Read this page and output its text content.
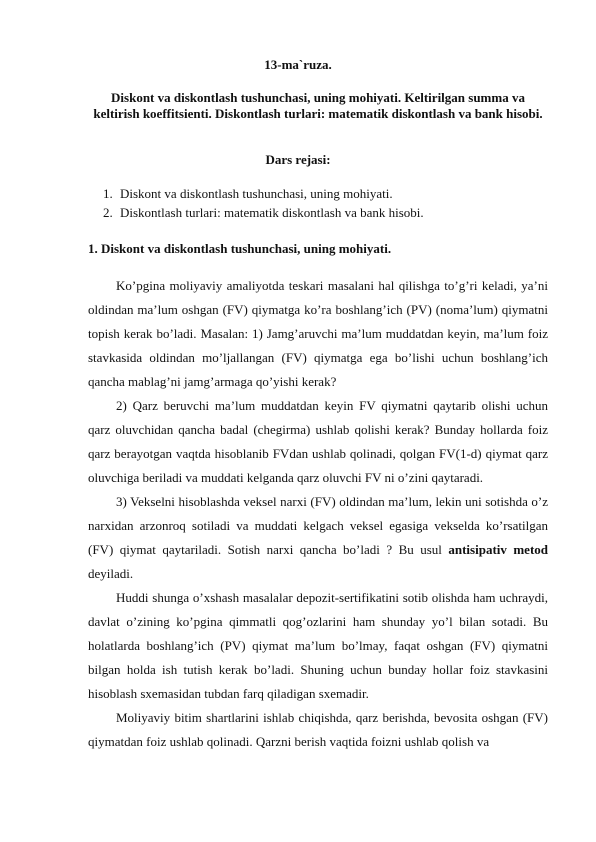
13-ma`ruza.
Diskont va diskontlash tushunchasi, uning mohiyati. Keltirilgan summa va keltirish koeffitsienti. Diskontlash turlari: matematik diskontlash va bank hisobi.
Dars rejasi:
1. Diskont va diskontlash tushunchasi, uning mohiyati.
2. Diskontlash turlari: matematik diskontlash va bank hisobi.
1. Diskont va diskontlash tushunchasi, uning mohiyati.

Ko’pgina moliyaviy amaliyotda teskari masalani hal qilishga to’g’ri keladi, ya’ni oldindan ma’lum oshgan (FV) qiymatga ko’ra boshlang’ich (PV) (noma’lum) qiymatni topish kerak bo’ladi. Masalan: 1) Jamg’aruvchi ma’lum muddatdan keyin, ma’lum foiz stavkasida oldindan mo’ljallangan (FV) qiymatga ega bo’lishi uchun boshlang’ich qancha mablag’ni jamg’armaga qo’yishi kerak?

2) Qarz beruvchi ma’lum muddatdan keyin FV qiymatni qaytarib olishi uchun qarz oluvchidan qancha badal (chegirma) ushlab qolishi kerak? Bunday hollarda foiz qarz berayotgan vaqtda hisoblanib FVdan ushlab qolinadi, qolgan FV(1-d) qiymat qarz oluvchiga beriladi va muddati kelganda qarz oluvchi FV ni o’zini qaytaradi.

3) Vekselni hisoblashda veksel narxi (FV) oldindan ma’lum, lekin uni sotishda o’z narxidan arzonroq sotiladi va muddati kelgach veksel egasiga vekselda ko’rsatilgan (FV) qiymat qaytariladi. Sotish narxi qancha bo’ladi ? Bu usul antisipativ metod deyiladi.

Huddi shunga o’xshash masalalar depozit-sertifikatini sotib olishda ham uchraydi, davlat o’zining ko’pgina qimmatli qog’ozlarini ham shunday yo’l bilan sotadi. Bu holatlarda boshlang’ich (PV) qiymat ma’lum bo’lmay, faqat oshgan (FV) qiymatni bilgan holda ish tutish kerak bo’ladi. Shuning uchun bunday hollar foiz stavkasini hisoblash sxemasidan tubdan farq qiladigan sxemadir.

Moliyaviy bitim shartlarini ishlab chiqishda, qarz berishda, bevosita oshgan (FV) qiymatdan foiz ushlab qolinadi. Qarzni berish vaqtida foizni ushlab qolish va
